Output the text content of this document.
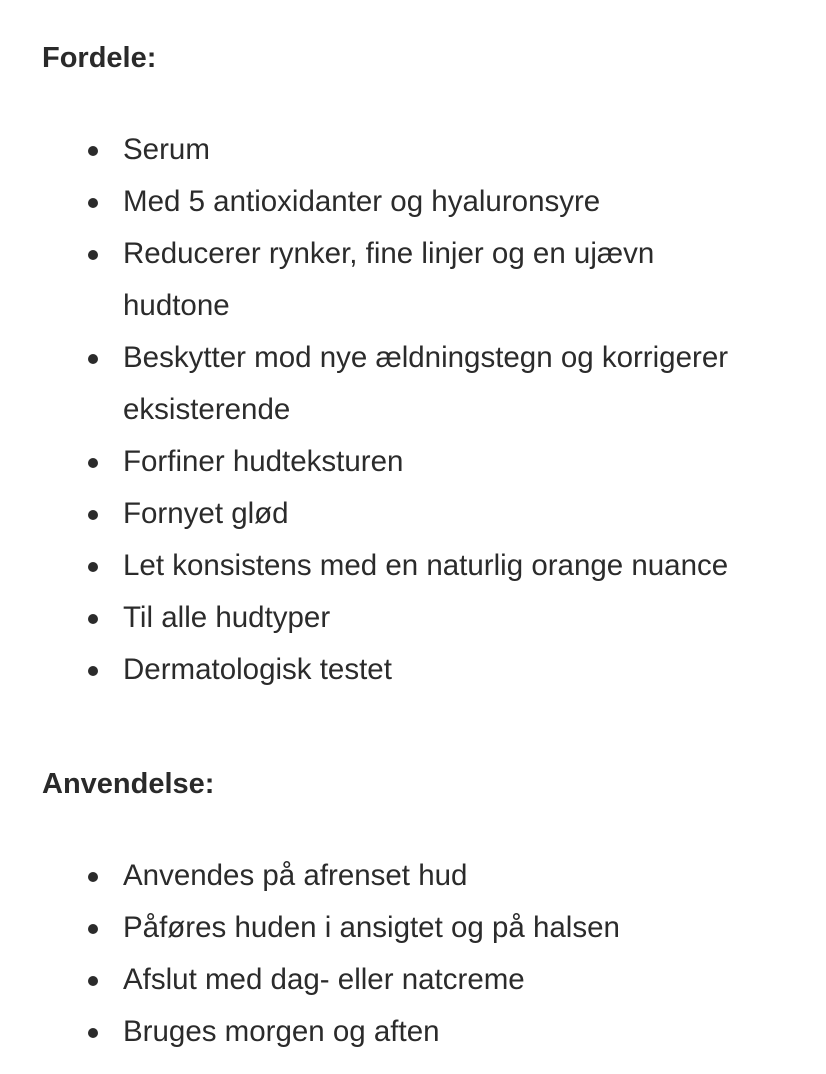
Fordele:
Serum
Med 5 antioxidanter og hyaluronsyre
Reducerer rynker, fine linjer og en ujævn hudtone
Beskytter mod nye ældningstegn og korrigerer eksisterende
Forfiner hudteksturen
Fornyet glød
Let konsistens med en naturlig orange nuance
Til alle hudtyper
Dermatologisk testet
Anvendelse:
Anvendes på afrenset hud
Påføres huden i ansigtet og på halsen
Afslut med dag- eller natcreme
Bruges morgen og aften
